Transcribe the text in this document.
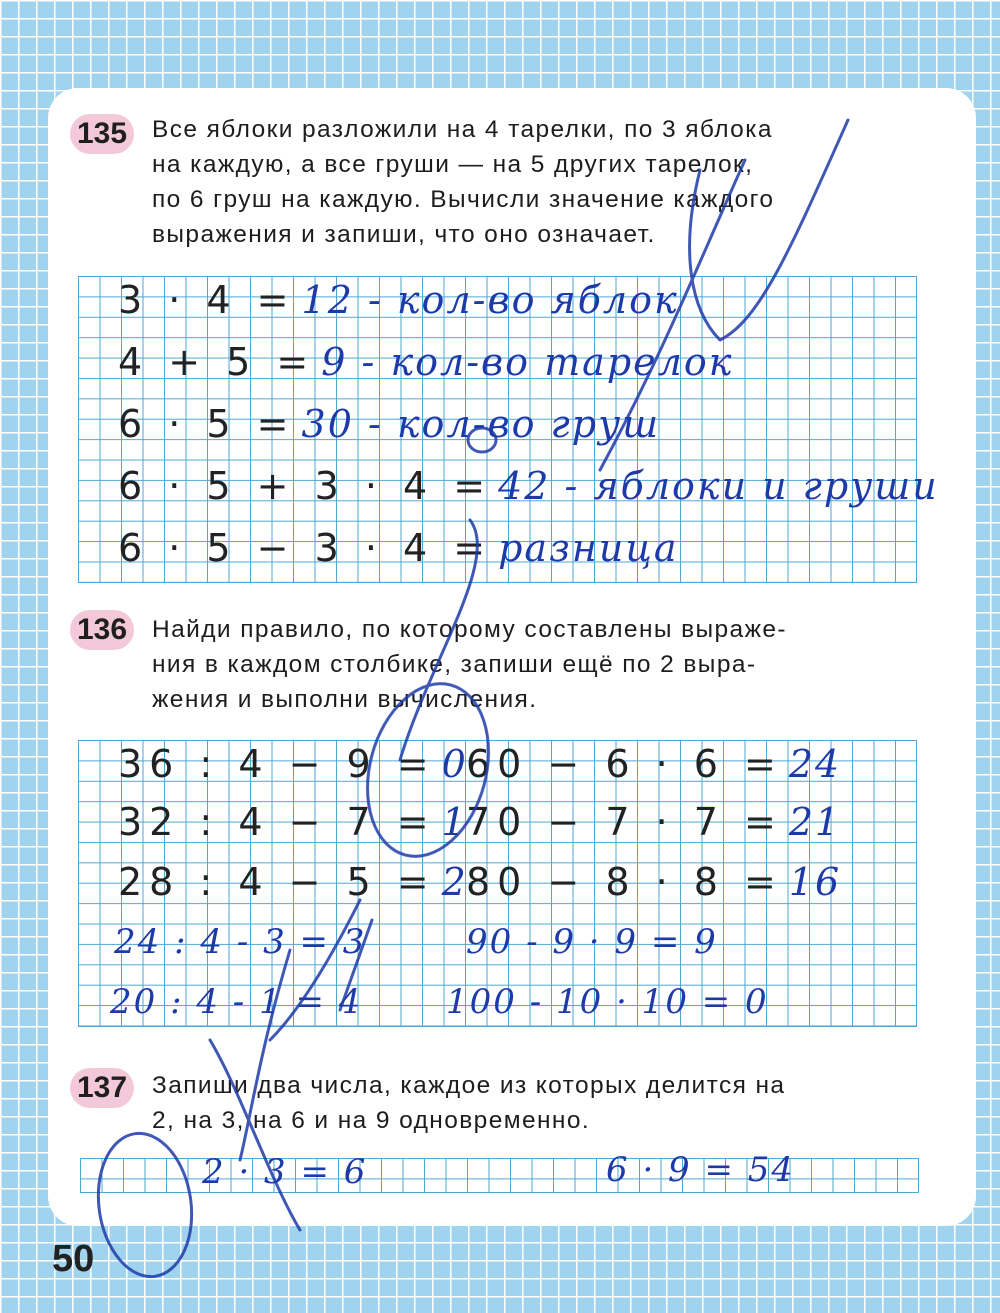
135 Все яблоки разложили на 4 тарелки, по 3 яблока
на каждую, а все груши — на 5 других тарелок,
по 6 груш на каждую. Вычисли значение каждого
выражения и запиши, что оно означает.
3 · 4 = 12 - кол-во яблок
4 + 5 = 9 - кол-во тарелок
6 · 5 = 30 - кол-во груш
6 · 5 + 3 · 4 = 42 - яблоки и груши
6 · 5 − 3 · 4 = разница
136 Найди правило, по которому составлены выраже-
ния в каждом столбике, запиши ещё по 2 выра-
жения и выполни вычисления.
36 : 4 − 9 = 0
32 : 4 − 7 = 1
28 : 4 − 5 = 2
24 : 4 - 3 = 3
20 : 4 - 1 = 4
60 − 6 · 6 = 24
70 − 7 · 7 = 21
80 − 8 · 8 = 16
90 - 9 · 9 = 9
100 - 10 · 10 = 0
137 Запиши два числа, каждое из которых делится на
2, на 3, на 6 и на 9 одновременно.
2 · 3 = 6	6 · 9 = 54
50
